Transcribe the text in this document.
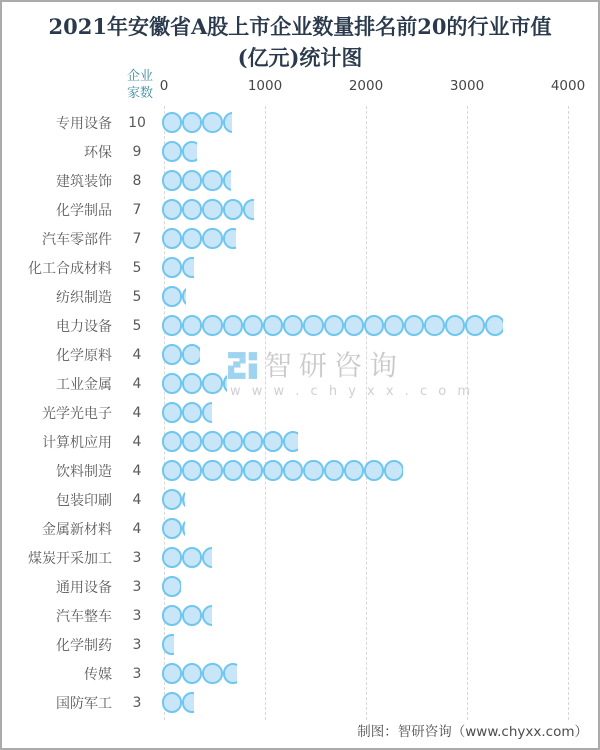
2021年安徽省A股上市企业数量排名前20的行业市值
(亿元)统计图
企业
家数 0	1000	2000	3000	4000
专用设备	10
环保	9
建筑装饰	8
化学制品	7
汽车零部件	7
化工合成材料	5
纺织制造	5
电力设备	5
化学原料	4
工业金属	4
光学光电子	4
计算机应用	4
饮料制造	4
包装印刷	4
金属新材料	4
煤炭开采加工	3
通用设备	3
汽车整车	3
化学制药	3
传媒	3
国防军工	3
智研咨询
w w w . c h y x x . c o m
制图：智研咨询（www.chyxx.com）
